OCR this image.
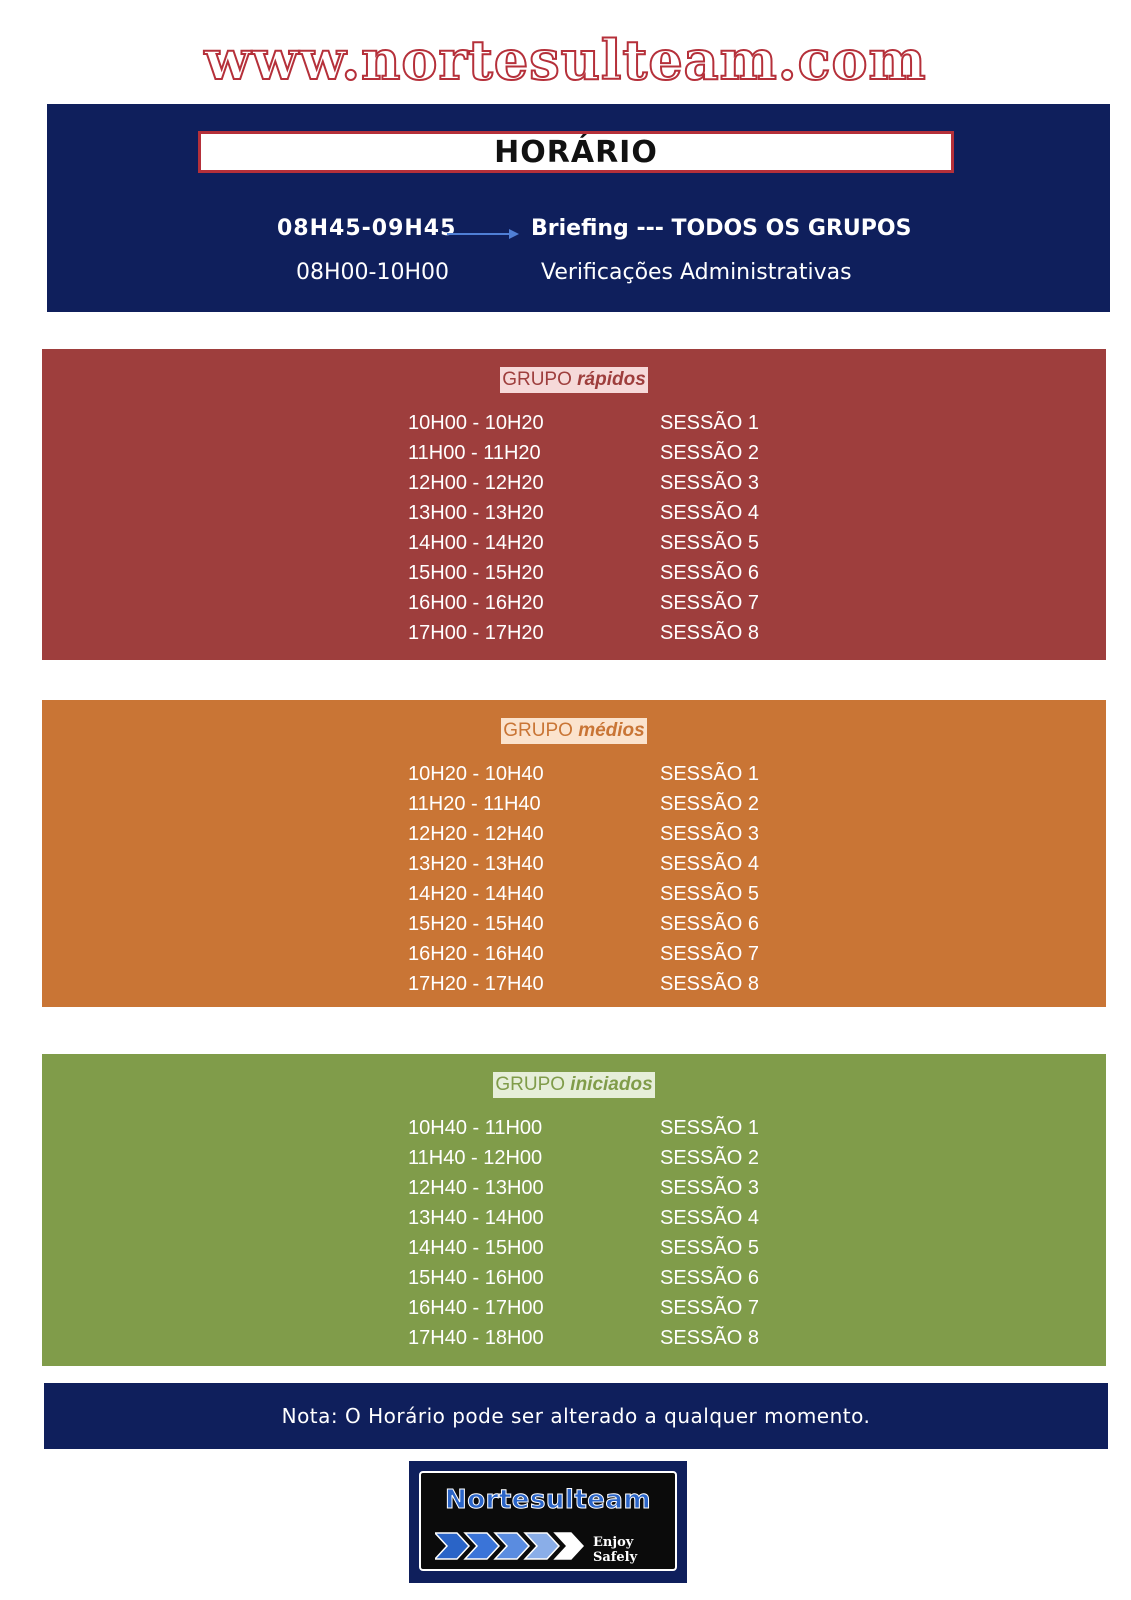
www.nortesulteam.com
HORÁRIO
08H45-09H45	Briefing --- TODOS OS GRUPOS
08H00-10H00	Verificações Administrativas
GRUPO rápidos
10H00 - 10H20	SESSÃO 1
11H00 - 11H20	SESSÃO 2
12H00 - 12H20	SESSÃO 3
13H00 - 13H20	SESSÃO 4
14H00 - 14H20	SESSÃO 5
15H00 - 15H20	SESSÃO 6
16H00 - 16H20	SESSÃO 7
17H00 - 17H20	SESSÃO 8
GRUPO médios
10H20 - 10H40	SESSÃO 1
11H20 - 11H40	SESSÃO 2
12H20 - 12H40	SESSÃO 3
13H20 - 13H40	SESSÃO 4
14H20 - 14H40	SESSÃO 5
15H20 - 15H40	SESSÃO 6
16H20 - 16H40	SESSÃO 7
17H20 - 17H40	SESSÃO 8
GRUPO iniciados
10H40 - 11H00	SESSÃO 1
11H40 - 12H00	SESSÃO 2
12H40 - 13H00	SESSÃO 3
13H40 - 14H00	SESSÃO 4
14H40 - 15H00	SESSÃO 5
15H40 - 16H00	SESSÃO 6
16H40 - 17H00	SESSÃO 7
17H40 - 18H00	SESSÃO 8
Nota: O Horário pode ser alterado a qualquer momento.
Nortesulteam
Enjoy Safely
